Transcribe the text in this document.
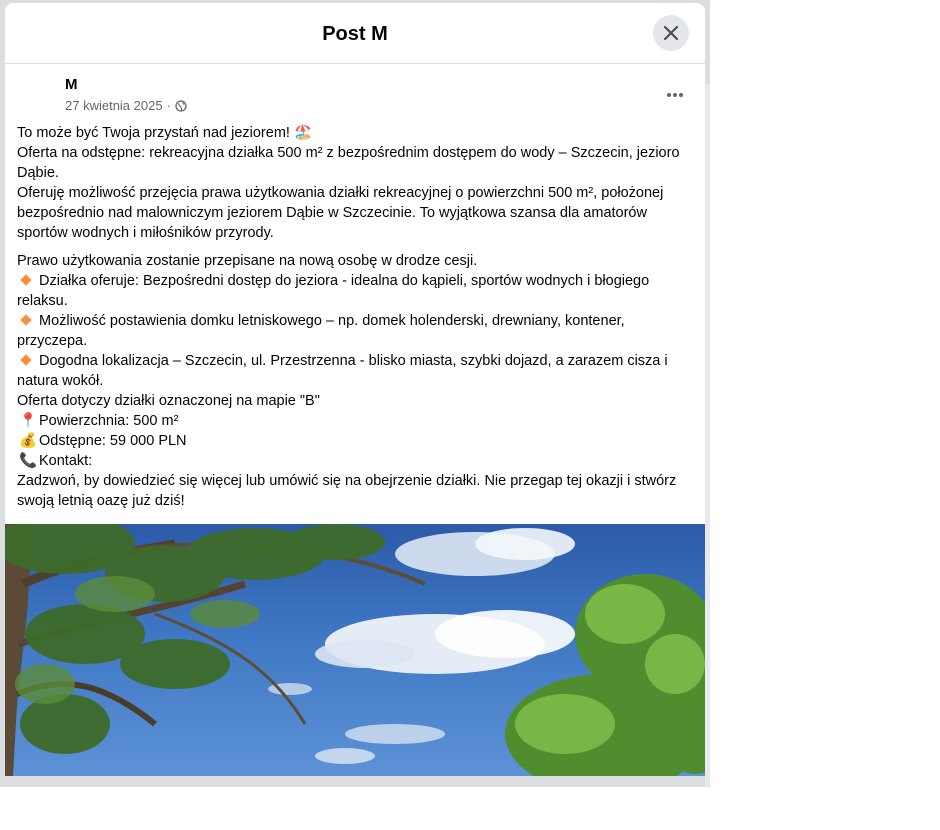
Post M
M
27 kwietnia 2025 ·
To może być Twoja przystań nad jeziorem! 🏖️
Oferta na odstępne: rekreacyjna działka 500 m² z bezpośrednim dostępem do wody – Szczecin, jezioro Dąbie.
Oferuję możliwość przejęcia prawa użytkowania działki rekreacyjnej o powierzchni 500 m², położonej bezpośrednio nad malowniczym jeziorem Dąbie w Szczecinie. To wyjątkowa szansa dla amatorów sportów wodnych i miłośników przyrody.
Prawo użytkowania zostanie przepisane na nową osobę w drodze cesji.
Działka oferuje: Bezpośredni dostęp do jeziora - idealna do kąpieli, sportów wodnych i błogiego relaksu.
Możliwość postawienia domku letniskowego – np. domek holenderski, drewniany, kontener, przyczepa.
Dogodna lokalizacja – Szczecin, ul. Przestrzenna - blisko miasta, szybki dojazd, a zarazem cisza i natura wokół.
Oferta dotyczy działki oznaczonej na mapie "B"
📍 Powierzchnia: 500 m²
💰 Odstępne: 59 000 PLN
📞 Kontakt:
Zadzwoń, by dowiedzieć się więcej lub umówić się na obejrzenie działki. Nie przegap tej okazji i stwórz swoją letnią oazę już dziś!
